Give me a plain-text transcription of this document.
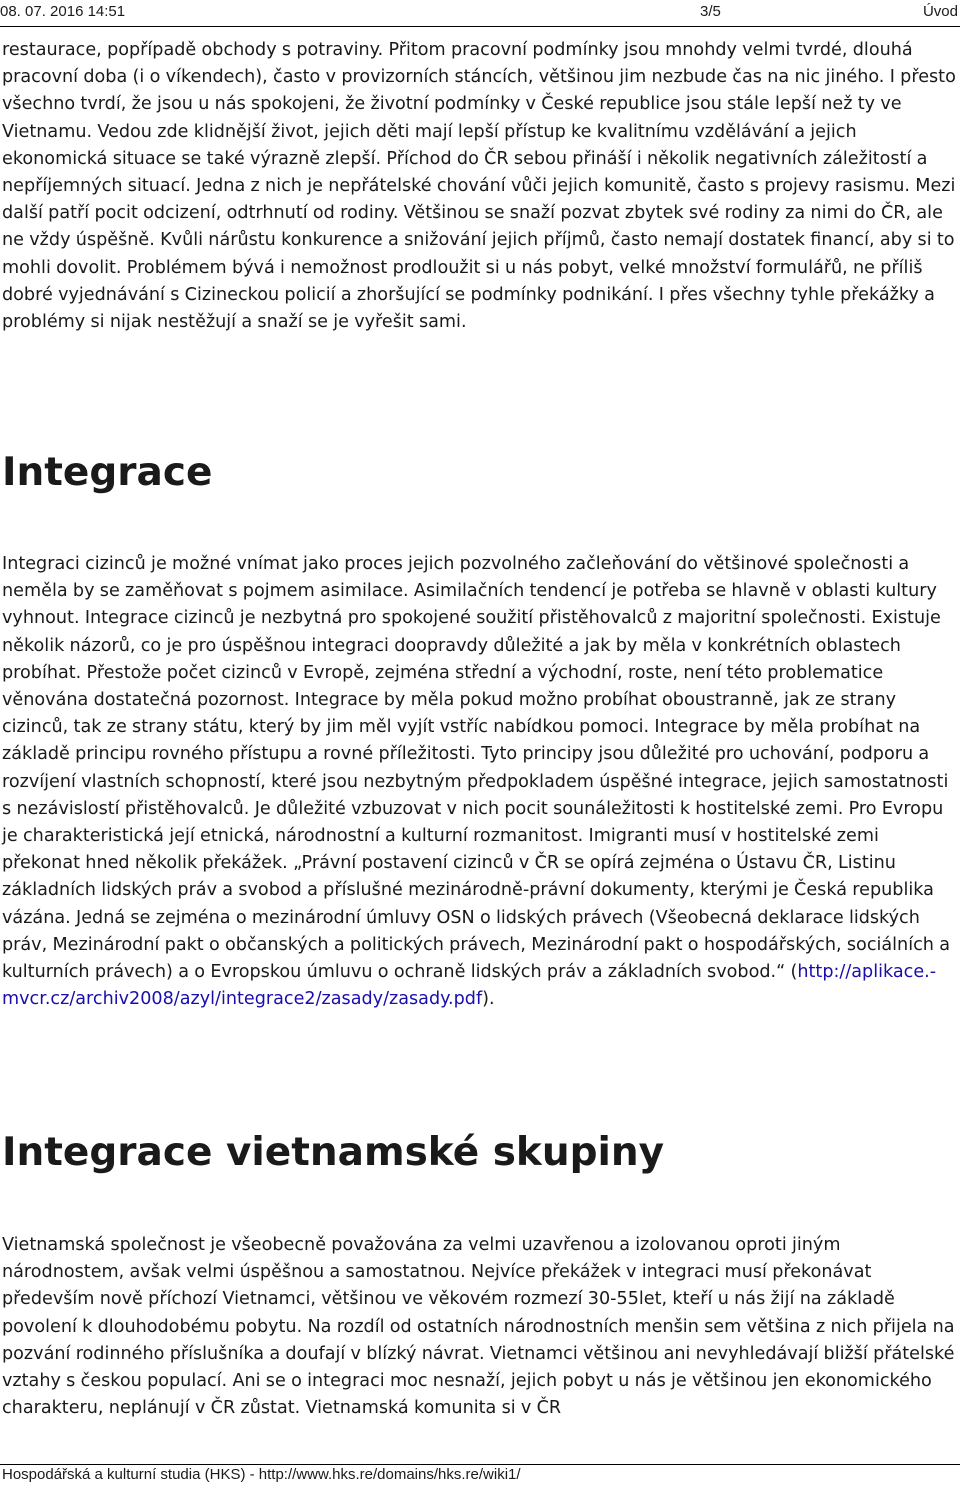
08. 07. 2016 14:51	3/5	Úvod

restaurace, popřípadě obchody s potraviny. Přitom pracovní podmínky jsou mnohdy velmi tvrdé, dlouhá pracovní doba (i o víkendech), často v provizorních stáncích, většinou jim nezbude čas na nic jiného. I přesto všechno tvrdí, že jsou u nás spokojeni, že životní podmínky v České republice jsou stále lepší než ty ve Vietnamu. Vedou zde klidnější život, jejich děti mají lepší přístup ke kvalitnímu vzdělávání a jejich ekonomická situace se také výrazně zlepší. Příchod do ČR sebou přináší i několik negativních záležitostí a nepříjemných situací. Jedna z nich je nepřátelské chování vůči jejich komunitě, často s projevy rasismu. Mezi další patří pocit odcizení, odtrhnutí od rodiny. Většinou se snaží pozvat zbytek své rodiny za nimi do ČR, ale ne vždy úspěšně. Kvůli nárůstu konkurence a snižování jejich příjmů, často nemají dostatek financí, aby si to mohli dovolit. Problémem bývá i nemožnost prodloužit si u nás pobyt, velké množství formulářů, ne příliš dobré vyjednávání s Cizineckou policií a zhoršující se podmínky podnikání. I přes všechny tyhle překážky a problémy si nijak nestěžují a snaží se je vyřešit sami.

Integrace

Integraci cizinců je možné vnímat jako proces jejich pozvolného začleňování do většinové společnosti a neměla by se zaměňovat s pojmem asimilace. Asimilačních tendencí je potřeba se hlavně v oblasti kultury vyhnout. Integrace cizinců je nezbytná pro spokojené soužití přistěhovalců z majoritní společnosti. Existuje několik názorů, co je pro úspěšnou integraci doopravdy důležité a jak by měla v konkrétních oblastech probíhat. Přestože počet cizinců v Evropě, zejména střední a východní, roste, není této problematice věnována dostatečná pozornost. Integrace by měla pokud možno probíhat oboustranně, jak ze strany cizinců, tak ze strany státu, který by jim měl vyjít vstříc nabídkou pomoci. Integrace by měla probíhat na základě principu rovného přístupu a rovné příležitosti. Tyto principy jsou důležité pro uchování, podporu a rozvíjení vlastních schopností, které jsou nezbytným předpokladem úspěšné integrace, jejich samostatnosti s nezávislostí přistěhovalců. Je důležité vzbuzovat v nich pocit sounáležitosti k hostitelské zemi. Pro Evropu je charakteristická její etnická, národnostní a kulturní rozmanitost. Imigranti musí v hostitelské zemi překonat hned několik překážek. „Právní postavení cizinců v ČR se opírá zejména o Ústavu ČR, Listinu základních lidských práv a svobod a příslušné mezinárodně-právní dokumenty, kterými je Česká republika vázána. Jedná se zejména o mezinárodní úmluvy OSN o lidských právech (Všeobecná deklarace lidských práv, Mezinárodní pakt o občanských a politických právech, Mezinárodní pakt o hospodářských, sociálních a kulturních právech) a o Evropskou úmluvu o ochraně lidských práv a základních svobod.“ (http://aplikace.-mvcr.cz/archiv2008/azyl/integrace2/zasady/zasady.pdf).

Integrace vietnamské skupiny

Vietnamská společnost je všeobecně považována za velmi uzavřenou a izolovanou oproti jiným národnostem, avšak velmi úspěšnou a samostatnou. Nejvíce překážek v integraci musí překonávat především nově příchozí Vietnamci, většinou ve věkovém rozmezí 30-55let, kteří u nás žijí na základě povolení k dlouhodobému pobytu. Na rozdíl od ostatních národnostních menšin sem většina z nich přijela na pozvání rodinného příslušníka a doufají v blízký návrat. Vietnamci většinou ani nevyhledávají bližší přátelské vztahy s českou populací. Ani se o integraci moc nesnaží, jejich pobyt u nás je většinou jen ekonomického charakteru, neplánují v ČR zůstat. Vietnamská komunita si v ČR

Hospodářská a kulturní studia (HKS) - http://www.hks.re/domains/hks.re/wiki1/
